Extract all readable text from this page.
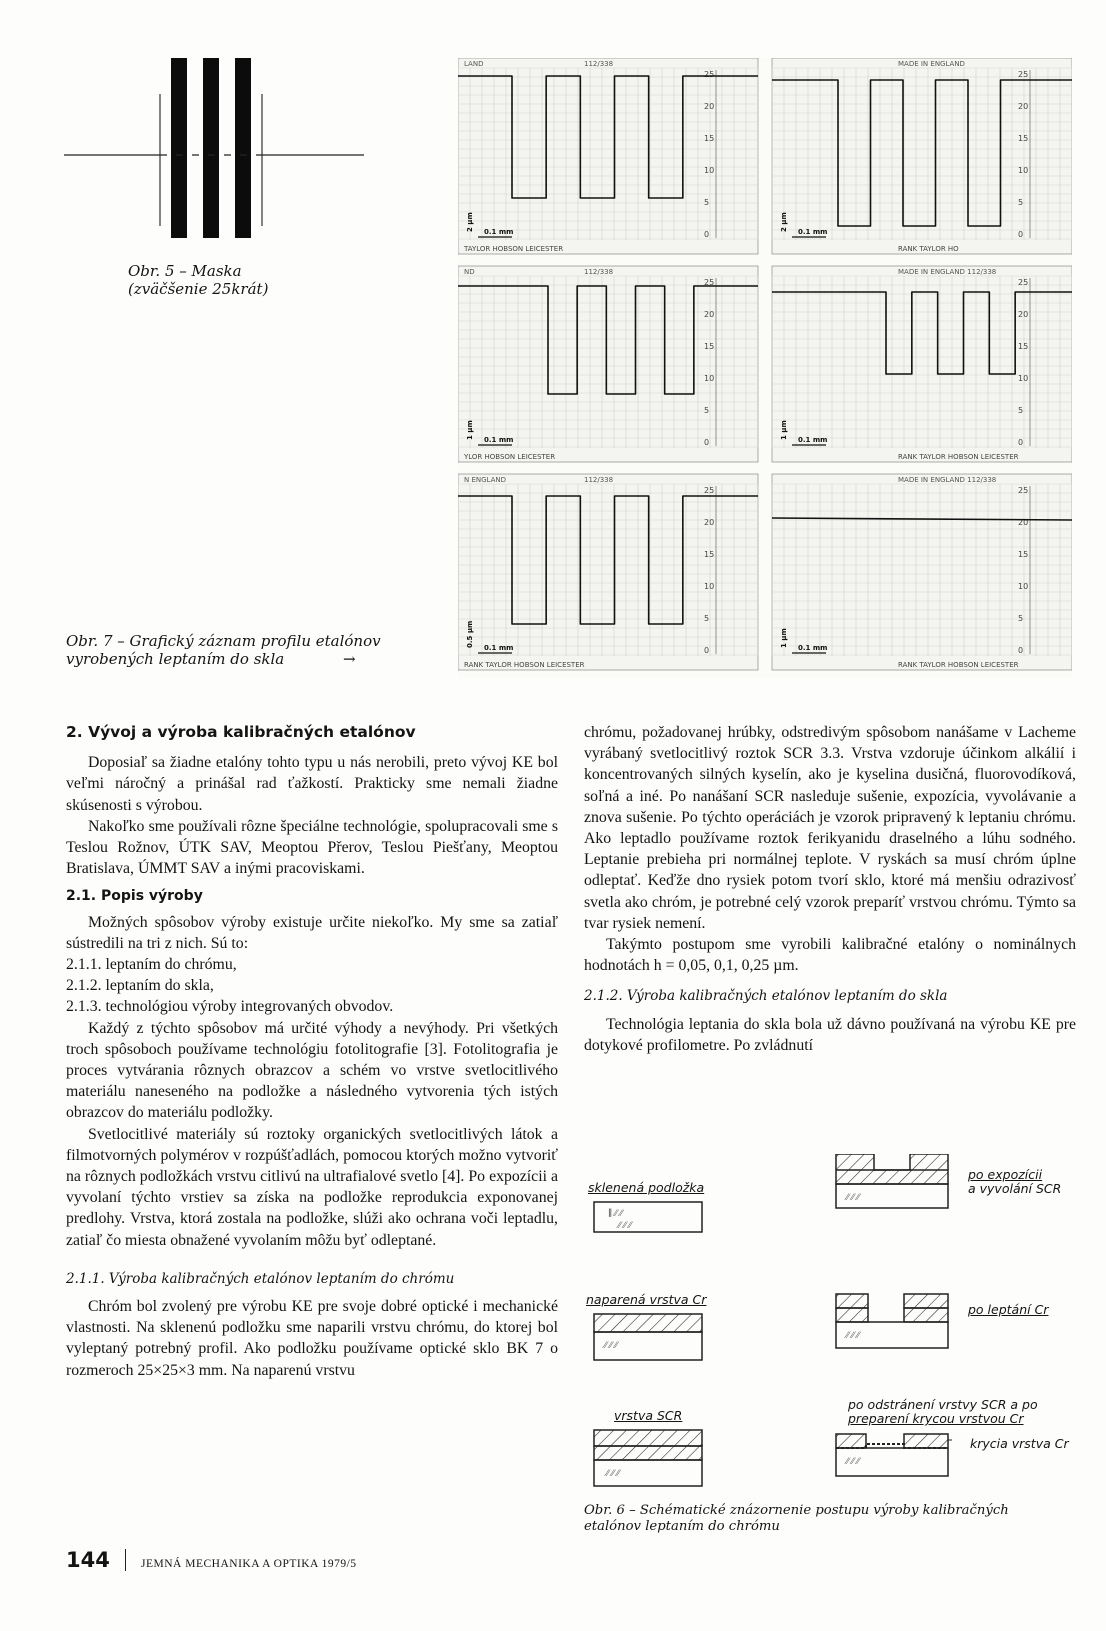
Obr. 5 – Maska
(zväčšenie 25krát)
LAND	112/338
TAYLOR HOBSON LEICESTER
25
20
15
10
5
0
2 µm 0.1 mm
MADE IN ENGLAND
RANK TAYLOR HO
25
20
15
10
5
0
2 µm 0.1 mm
ND	112/338
YLOR HOBSON LEICESTER
25
20
15
10
5
0
1 µm 0.1 mm
MADE IN ENGLAND 112/338
RANK TAYLOR HOBSON LEICESTER
25
20
15
10
5
0
1 µm 0.1 mm
N ENGLAND	112/338
RANK TAYLOR HOBSON LEICESTER
25
20
15
10
5
0
0.5 µm 0.1 mm
MADE IN ENGLAND 112/338
RANK TAYLOR HOBSON LEICESTER
25
20
15
10
5
0
1 µm 0.1 mm
Obr. 7 – Grafický záznam profilu etalónov
vyrobených leptaním do skla	→

2. Vývoj a výroba kalibračných etalónov

Doposiaľ sa žiadne etalóny tohto typu u nás nerobili, preto vývoj KE bol veľmi náročný a prinášal rad ťažkostí. Prakticky sme nemali žiadne skúsenosti s výrobou.

Nakoľko sme používali rôzne špeciálne technológie, spolupracovali sme s Teslou Rožnov, ÚTK SAV, Meoptou Přerov, Teslou Piešťany, Meoptou Bratislava, ÚMMT SAV a inými pracoviskami.

2.1. Popis výroby

Možných spôsobov výroby existuje určite niekoľko. My sme sa zatiaľ sústredili na tri z nich. Sú to:

2.1.1. leptaním do chrómu,

2.1.2. leptaním do skla,

2.1.3. technológiou výroby integrovaných obvodov.

Každý z týchto spôsobov má určité výhody a nevýhody. Pri všetkých troch spôsoboch používame technológiu fotolitografie [3]. Fotolitografia je proces vytvárania rôznych obrazcov a schém vo vrstve svetlocitlivého materiálu naneseného na podložke a následného vytvorenia tých istých obrazcov do materiálu podložky.

Svetlocitlivé materiály sú roztoky organických svetlocitlivých látok a filmotvorných polymérov v rozpúšťadlách, pomocou ktorých možno vytvoriť na rôznych podložkách vrstvu citlivú na ultrafialové svetlo [4]. Po expozícii a vyvolaní týchto vrstiev sa získa na podložke reprodukcia exponovanej predlohy. Vrstva, ktorá zostala na podložke, slúži ako ochrana voči leptadlu, zatiaľ čo miesta obnažené vyvolaním môžu byť odleptané.

2.1.1. Výroba kalibračných etalónov leptaním do chrómu

Chróm bol zvolený pre výrobu KE pre svoje dobré optické i mechanické vlastnosti. Na sklenenú podložku sme naparili vrstvu chrómu, do ktorej bol vyleptaný potrebný profil. Ako podložku používame optické sklo BK 7 o rozmeroch 25×25×3 mm. Na naparenú vrstvu

chrómu, požadovanej hrúbky, odstredivým spôsobom nanášame v Lacheme vyrábaný svetlocitlivý roztok SCR 3.3. Vrstva vzdoruje účinkom alkálií i koncentrovaných silných kyselín, ako je kyselina dusičná, fluorovodíková, soľná a iné. Po nanášaní SCR nasleduje sušenie, expozícia, vyvolávanie a znova sušenie. Po týchto operáciách je vzorok pripravený k leptaniu chrómu. Ako leptadlo používame roztok ferikyanidu draselného a lúhu sodného. Leptanie prebieha pri normálnej teplote. V ryskách sa musí chróm úplne odleptať. Keďže dno rysiek potom tvorí sklo, ktoré má menšiu odrazivosť svetla ako chróm, je potrebné celý vzorok preparíť vrstvou chrómu. Týmto sa tvar rysiek nemení.

Takýmto postupom sme vyrobili kalibračné etalóny o nominálnych hodnotách h = 0,05, 0,1, 0,25 µm.

2.1.2. Výroba kalibračných etalónov leptaním do skla

Technológia leptania do skla bola už dávno používaná na výrobu KE pre dotykové profilometre. Po zvládnutí

∥ ⁄⁄ ⁄⁄
⁄⁄ ⁄⁄ ⁄⁄
⁄⁄ ⁄⁄ ⁄⁄
⁄⁄ ⁄⁄ ⁄⁄
⁄⁄ ⁄⁄ ⁄⁄
⁄⁄ ⁄⁄ ⁄⁄
⁄⁄ ⁄⁄ ⁄⁄
sklenená podložka
naparená vrstva Cr
vrstva SCR
po expozícii
a vyvolání SCR
po leptání Cr
po odstránení vrstvy SCR a po
preparení krycou vrstvou Cr
krycia vrstva Cr
Obr. 6 – Schématické znázornenie postupu výroby kalibračných
etalónov leptaním do chrómu
144	JEMNÁ MECHANIKA A OPTIKA 1979/5
